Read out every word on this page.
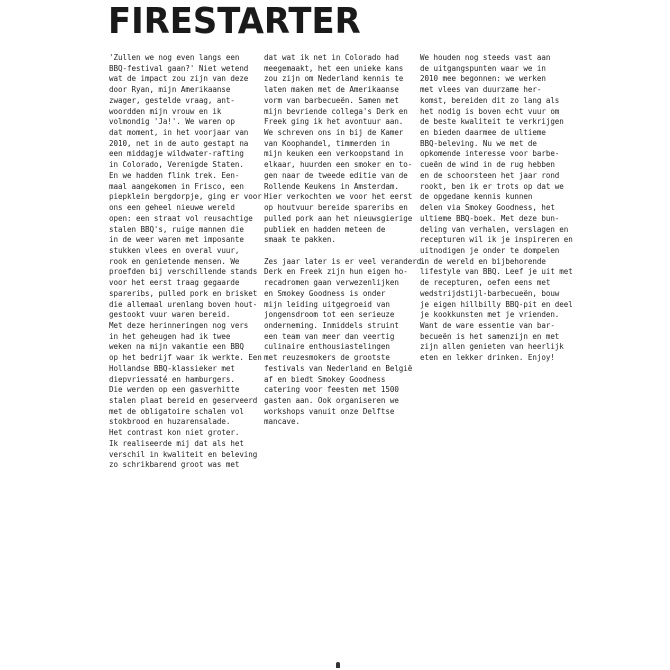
FIRESTARTER
'Zullen we nog even langs een
BBQ-festival gaan?' Niet wetend
wat de impact zou zijn van deze
door Ryan, mijn Amerikaanse
zwager, gestelde vraag, ant-
woordden mijn vrouw en ik
volmondig 'Ja!'. We waren op
dat moment, in het voorjaar van
2010, net in de auto gestapt na
een middagje wildwater-rafting
in Colorado, Verenigde Staten.
En we hadden flink trek. Een-
maal aangekomen in Frisco, een
piepklein bergdorpje, ging er voor
ons een geheel nieuwe wereld
open: een straat vol reusachtige
stalen BBQ's, ruige mannen die
in de weer waren met imposante
stukken vlees en overal vuur,
rook en genietende mensen. We
proefden bij verschillende stands
voor het eerst traag gegaarde
spareribs, pulled pork en brisket
die allemaal urenlang boven hout-
gestookt vuur waren bereid.
Met deze herinneringen nog vers
in het geheugen had ik twee
weken na mijn vakantie een BBQ
op het bedrijf waar ik werkte. Een
Hollandse BBQ-klassieker met
diepvriessaté en hamburgers.
Die werden op een gasverhitte
stalen plaat bereid en geserveerd
met de obligatoire schalen vol
stokbrood en huzarensalade.
Het contrast kon niet groter.
Ik realiseerde mij dat als het
verschil in kwaliteit en beleving
zo schrikbarend groot was met
dat wat ik net in Colorado had
meegemaakt, het een unieke kans
zou zijn om Nederland kennis te
laten maken met de Amerikaanse
vorm van barbecueën. Samen met
mijn bevriende collega's Derk en
Freek ging ik het avontuur aan.
We schreven ons in bij de Kamer
van Koophandel, timmerden in
mijn keuken een verkoopstand in
elkaar, huurden een smoker en to-
gen naar de tweede editie van de
Rollende Keukens in Amsterdam.
Hier verkochten we voor het eerst
op houtvuur bereide spareribs en
pulled pork aan het nieuwsgierige
publiek en hadden meteen de
smaak te pakken.
Zes jaar later is er veel veranderd.
Derk en Freek zijn hun eigen ho-
recadromen gaan verwezenlijken
en Smokey Goodness is onder
mijn leiding uitgegroeid van
jongensdroom tot een serieuze
onderneming. Inmiddels struint
een team van meer dan veertig
culinaire enthousiastelingen
met reuzesmokers de grootste
festivals van Nederland en België
af en biedt Smokey Goodness
catering voor feesten met 1500
gasten aan. Ook organiseren we
workshops vanuit onze Delftse
mancave.
We houden nog steeds vast aan
de uitgangspunten waar we in
2010 mee begonnen: we werken
met vlees van duurzame her-
komst, bereiden dit zo lang als
het nodig is boven echt vuur om
de beste kwaliteit te verkrijgen
en bieden daarmee de ultieme
BBQ-beleving. Nu we met de
opkomende interesse voor barbe-
cueën de wind in de rug hebben
en de schoorsteen het jaar rond
rookt, ben ik er trots op dat we
de opgedane kennis kunnen
delen via Smokey Goodness, het
ultieme BBQ-boek. Met deze bun-
deling van verhalen, verslagen en
recepturen wil ik je inspireren en
uitnodigen je onder te dompelen
in de wereld en bijbehorende
lifestyle van BBQ. Leef je uit met
de recepturen, oefen eens met
wedstrijdstijl-barbecueën, bouw
je eigen hillbilly BBQ-pit en deel
je kookkunsten met je vrienden.
Want de ware essentie van bar-
becueën is het samenzijn en met
zijn allen genieten van heerlijk
eten en lekker drinken. Enjoy!
